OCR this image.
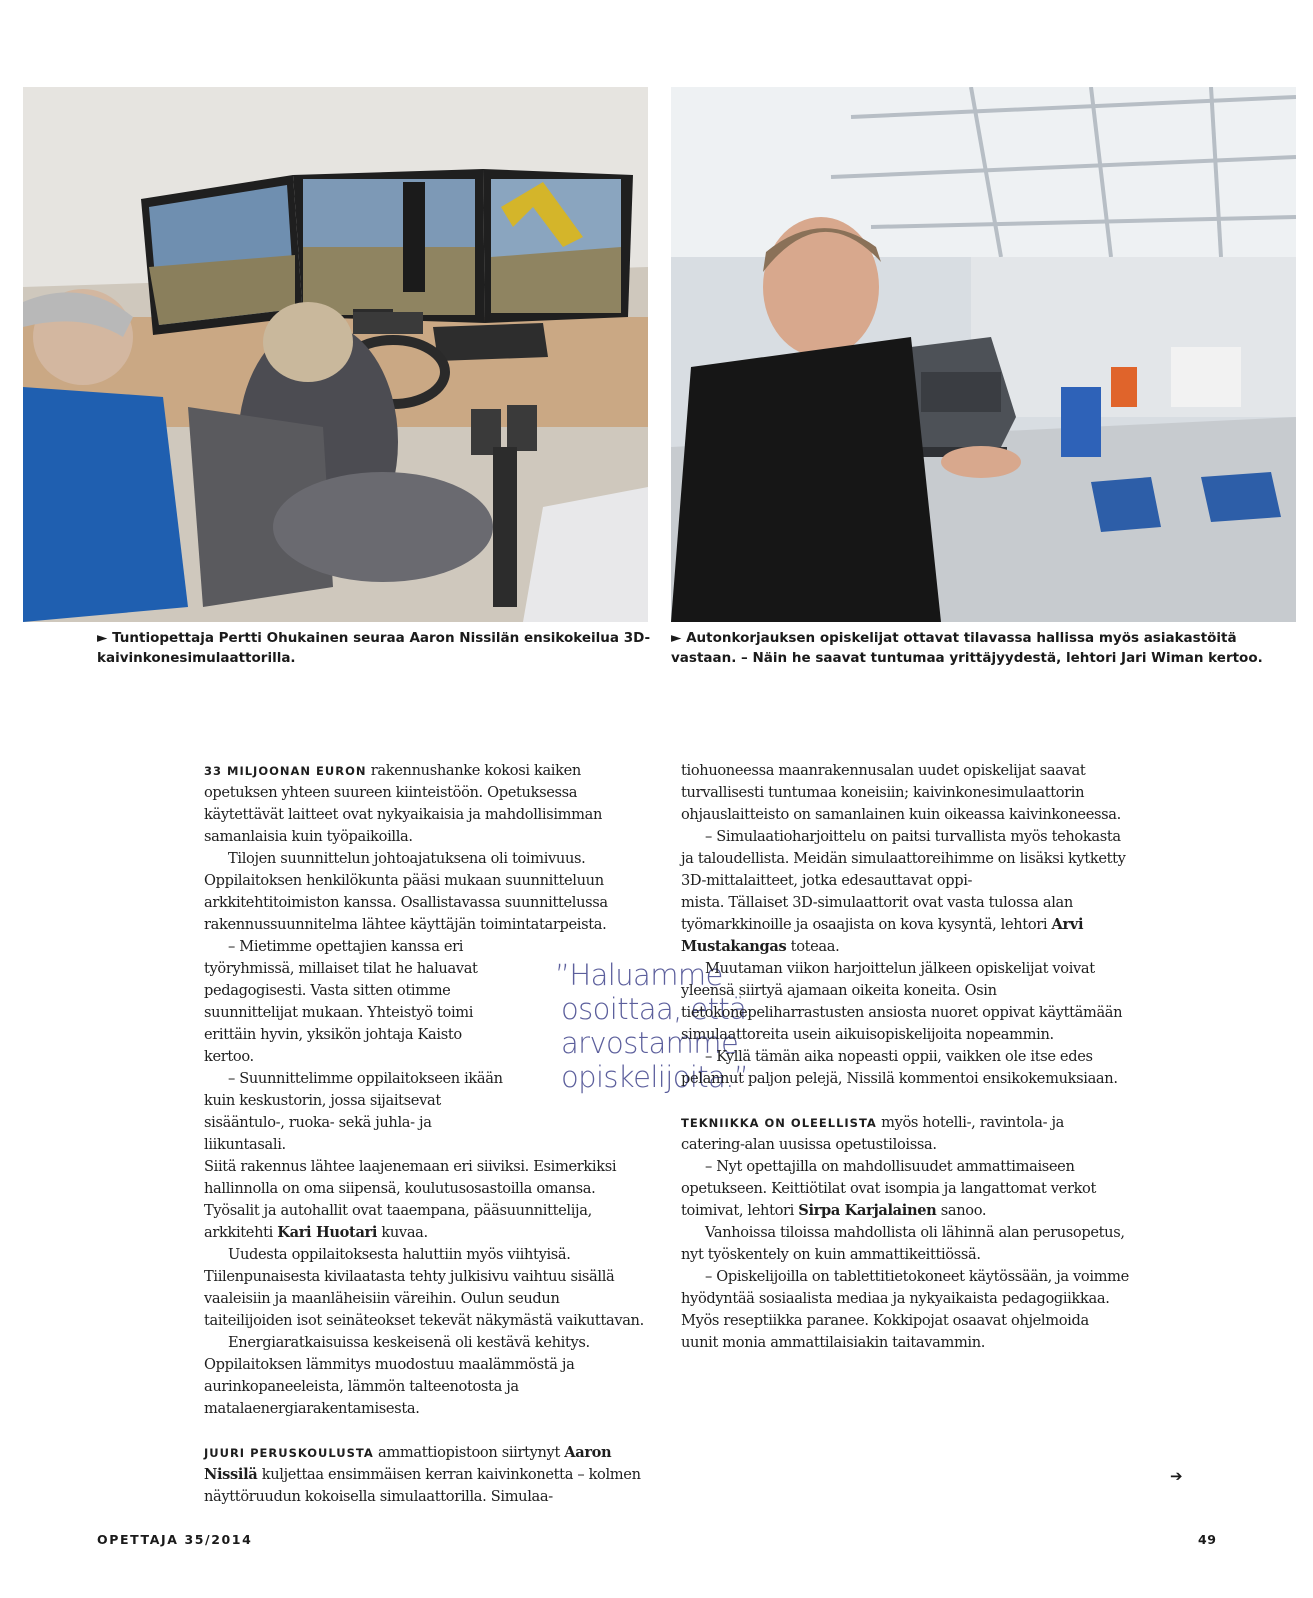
► Tuntiopettaja Pertti Ohukainen seuraa Aaron Nissilän ensikokeilua 3D-kaivinkonesimulaattorilla.
► Autonkorjauksen opiskelijat ottavat tilavassa hallissa myös asiakastöitä vastaan. – Näin he saavat tuntumaa yrittäjyydestä, lehtori Jari Wiman kertoo.

33 MILJOONAN EURON rakennushanke kokosi kaiken opetuksen yhteen suureen kiinteistöön. Opetuksessa käytettävät laitteet ovat nykyaikaisia ja mahdollisimman samanlaisia kuin työpaikoilla.

Tilojen suunnittelun johtoajatuksena oli toimivuus. Oppilaitoksen henkilökunta pääsi mukaan suunnitteluun arkkitehtitoimiston kanssa. Osallistavassa suunnittelussa rakennussuunnitelma lähtee käyttäjän toimintatarpeista.

– Mietimme opettajien kanssa eri työryhmissä, millaiset tilat he haluavat pedagogisesti. Vasta sitten otimme suunnittelijat mukaan. Yhteistyö toimi erittäin hyvin, yksikön johtaja Kaisto kertoo.

– Suunnittelimme oppilaitokseen ikään kuin keskustorin, jossa sijaitsevat sisääntulo-, ruoka- sekä juhla- ja liikuntasali.

Siitä rakennus lähtee laajenemaan eri siiviksi. Esimerkiksi hallinnolla on oma siipensä, koulutusosastoilla omansa. Työsalit ja autohallit ovat taaempana, pääsuunnittelija, arkkitehti Kari Huotari kuvaa.

Uudesta oppilaitoksesta haluttiin myös viihtyisä. Tiilenpunaisesta kivilaatasta tehty julkisivu vaihtuu sisällä vaaleisiin ja maanläheisiin väreihin. Oulun seudun taiteilijoiden isot seinäteokset tekevät näkymästä vaikuttavan.

Energiaratkaisuissa keskeisenä oli kestävä kehitys. Oppilaitoksen lämmitys muodostuu maalämmöstä ja aurinkopaneeleista, lämmön talteenotosta ja matalaenergiarakentamisesta.

JUURI PERUSKOULUSTA ammattiopistoon siirtynyt Aaron Nissilä kuljettaa ensimmäisen kerran kaivinkonetta – kolmen näyttöruudun kokoisella simulaattorilla. Simulaa-

”Haluamme
osoittaa, että
arvostamme
opiskelijoita.”

tiohuoneessa maanrakennusalan uudet opiskelijat saavat turvallisesti tuntumaa koneisiin; kaivinkonesimulaattorin ohjauslaitteisto on samanlainen kuin oikeassa kaivinkoneessa.

– Simulaatioharjoittelu on paitsi turvallista myös tehokasta ja taloudellista. Meidän simulaattoreihimme on lisäksi kytketty 3D-mittalaitteet, jotka edesauttavat oppi-

mista. Tällaiset 3D-simulaattorit ovat vasta tulossa alan työmarkkinoille ja osaajista on kova kysyntä, lehtori Arvi Mustakangas toteaa.

Muutaman viikon harjoittelun jälkeen opiskelijat voivat yleensä siirtyä ajamaan oikeita koneita. Osin tietokonepeliharrastusten ansiosta nuoret oppivat käyttämään simulaattoreita usein aikuisopiskelijoita nopeammin.

– Kyllä tämän aika nopeasti oppii, vaikken ole itse edes pelannut paljon pelejä, Nissilä kommentoi ensikokemuksiaan.

TEKNIIKKA ON OLEELLISTA myös hotelli-, ravintola- ja catering-alan uusissa opetustiloissa.

– Nyt opettajilla on mahdollisuudet ammattimaiseen opetukseen. Keittiötilat ovat isompia ja langattomat verkot toimivat, lehtori Sirpa Karjalainen sanoo.

Vanhoissa tiloissa mahdollista oli lähinnä alan perusopetus, nyt työskentely on kuin ammattikeittiössä.

– Opiskelijoilla on tablettitietokoneet käytössään, ja voimme hyödyntää sosiaalista mediaa ja nykyaikaista pedagogiikkaa. Myös reseptiikka paranee. Kokkipojat osaavat ohjelmoida uunit monia ammattilaisiakin taitavammin.

➔
OPETTAJA 35/2014	49
